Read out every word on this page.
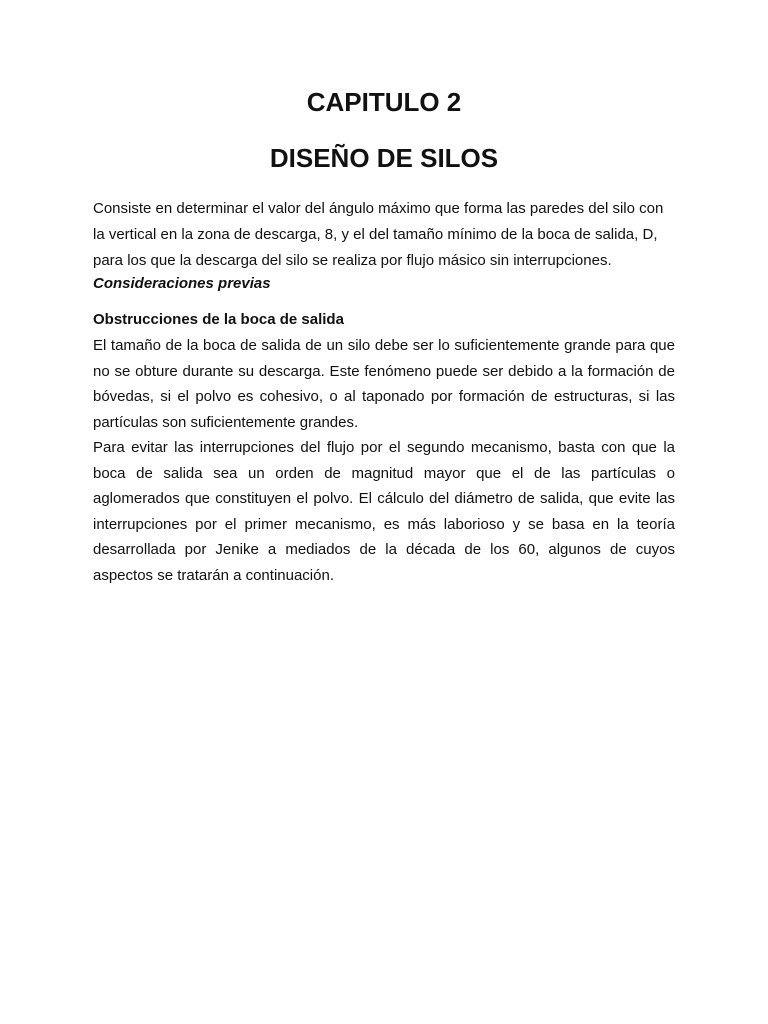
CAPITULO 2
DISEÑO DE SILOS

Consiste en determinar el valor del ángulo máximo que forma las paredes del silo con la vertical en la zona de descarga, 8, y el del tamaño mínimo de la boca de salida, D, para los que la descarga del silo se realiza por flujo másico sin interrupciones.

Consideraciones previas
Obstrucciones de la boca de salida

El tamaño de la boca de salida de un silo debe ser lo suficientemente grande para que no se obture durante su descarga. Este fenómeno puede ser debido a la formación de bóvedas, si el polvo es cohesivo, o al taponado por formación de estructuras, si las partículas son suficientemente grandes.

Para evitar las interrupciones del flujo por el segundo mecanismo, basta con que la boca de salida sea un orden de magnitud mayor que el de las partículas o aglomerados que constituyen el polvo. El cálculo del diámetro de salida, que evite las interrupciones por el primer mecanismo, es más laborioso y se basa en la teoría desarrollada por Jenike a mediados de la década de los 60, algunos de cuyos aspectos se tratarán a continuación.
